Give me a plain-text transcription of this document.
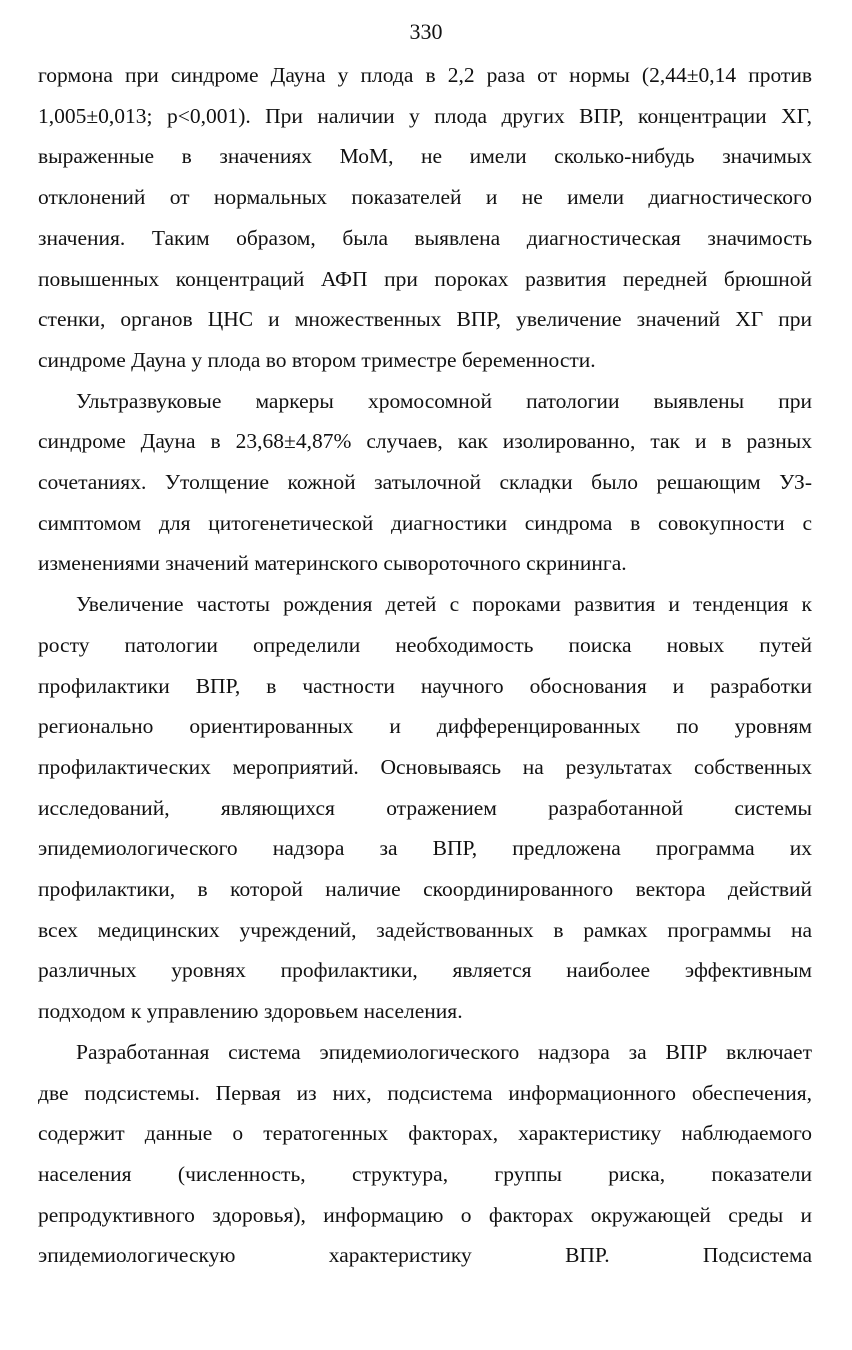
330

гормона при синдроме Дауна у плода в 2,2 раза от нормы (2,44±0,14 против
1,005±0,013; p<0,001). При наличии у плода других ВПР, концентрации ХГ,
выраженные в значениях МоМ, не имели сколько-нибудь значимых
отклонений от нормальных показателей и не имели диагностического
значения. Таким образом, была выявлена диагностическая значимость
повышенных концентраций АФП при пороках развития передней брюшной
стенки, органов ЦНС и множественных ВПР, увеличение значений ХГ при
синдроме Дауна у плода во втором триместре беременности.

Ультразвуковые маркеры хромосомной патологии выявлены при
синдроме Дауна в 23,68±4,87% случаев, как изолированно, так и в разных
сочетаниях. Утолщение кожной затылочной складки было решающим УЗ-
симптомом для цитогенетической диагностики синдрома в совокупности с
изменениями значений материнского сывороточного скрининга.

Увеличение частоты рождения детей с пороками развития и тенденция к
росту патологии определили необходимость поиска новых путей
профилактики ВПР, в частности научного обоснования и разработки
регионально ориентированных и дифференцированных по уровням
профилактических мероприятий. Основываясь на результатах собственных
исследований, являющихся отражением разработанной системы
эпидемиологического надзора за ВПР, предложена программа их
профилактики, в которой наличие скоординированного вектора действий
всех медицинских учреждений, задействованных в рамках программы на
различных уровнях профилактики, является наиболее эффективным
подходом к управлению здоровьем населения.

Разработанная система эпидемиологического надзора за ВПР включает
две подсистемы. Первая из них, подсистема информационного обеспечения,
содержит данные о тератогенных факторах, характеристику наблюдаемого
населения (численность, структура, группы риска, показатели
репродуктивного здоровья), информацию о факторах окружающей среды и
эпидемиологическую характеристику ВПР. Подсистема
